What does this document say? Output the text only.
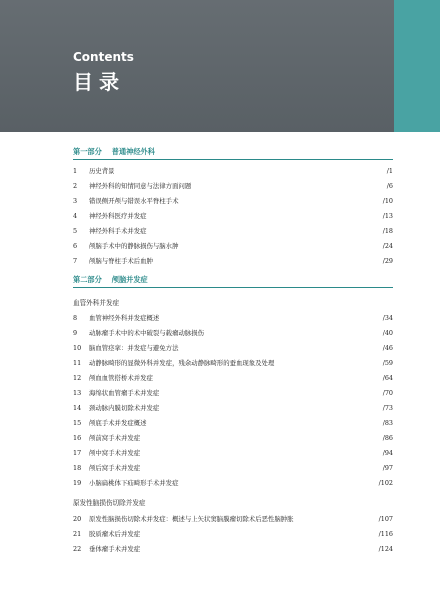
Contents
目录
第一部分 普通神经外科
1	历史背景	/1
2	神经外科的知情同意与法律方面问题	/6
3	错误侧开颅与错误水平脊柱手术	/10
4	神经外科医疗并发症	/13
5	神经外科手术并发症	/18
6	颅脑手术中的静脉损伤与脑水肿	/24
7	颅脑与脊柱手术后血肿	/29
第二部分 颅脑并发症
血管外科并发症
8	血管神经外科并发症概述	/34
9	动脉瘤手术中的术中破裂与载瘤动脉损伤	/40
10	脑血管痉挛：并发症与避免方法	/46
11	动静脉畸形的显微外科并发症，残余动静脉畸形的蚕血现象及处理	/59
12	颅血血管搭桥术并发症	/64
13	海绵状血管瘤手术并发症	/70
14	颈动脉内膜切除术并发症	/73
15	颅底手术并发症概述	/83
16	颅前窝手术并发症	/86
17	颅中窝手术并发症	/94
18	颅后窝手术并发症	/97
19	小脑扁桃体下疝畸形手术并发症	/102
原发性脑损伤切除并发症
20	原发性脑损伤切除术并发症：概述与上矢状窦脑膜瘤切除术后恶性脑肿胀	/107
21	胶质瘤术后并发症	/116
22	垂体瘤手术并发症	/124
